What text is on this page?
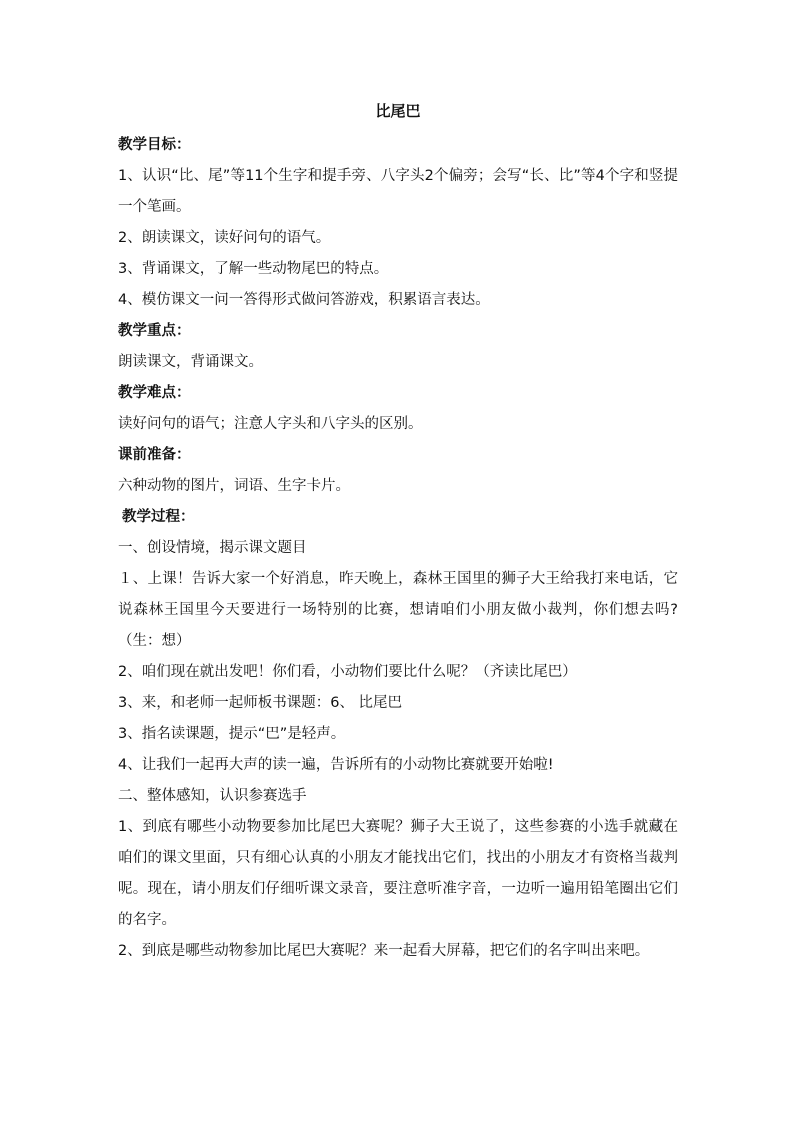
比尾巴
教学目标：
1、认识“比、尾”等11个生字和提手旁、八字头2个偏旁；会写“长、比”等4个字和竖提一个笔画。
2、朗读课文，读好问句的语气。
3、背诵课文，了解一些动物尾巴的特点。
4、模仿课文一问一答得形式做问答游戏，积累语言表达。
教学重点：
朗读课文，背诵课文。
教学难点：
读好问句的语气；注意人字头和八字头的区别。
课前准备：
六种动物的图片，词语、生字卡片。
教学过程：
一、创设情境，揭示课文题目
１、上课！告诉大家一个好消息，昨天晚上，森林王国里的狮子大王给我打来电话，它说森林王国里今天要进行一场特别的比赛，想请咱们小朋友做小裁判，你们想去吗?（生：想）
2、咱们现在就出发吧！你们看，小动物们要比什么呢？（齐读比尾巴）
3、来，和老师一起师板书课题：6、 比尾巴
3、指名读课题，提示“巴”是轻声。
4、让我们一起再大声的读一遍，告诉所有的小动物比赛就要开始啦!
二、整体感知，认识参赛选手
1、到底有哪些小动物要参加比尾巴大赛呢？狮子大王说了，这些参赛的小选手就藏在咱们的课文里面，只有细心认真的小朋友才能找出它们，找出的小朋友才有资格当裁判呢。现在，请小朋友们仔细听课文录音，要注意听准字音，一边听一遍用铅笔圈出它们的名字。
2、到底是哪些动物参加比尾巴大赛呢？来一起看大屏幕，把它们的名字叫出来吧。
